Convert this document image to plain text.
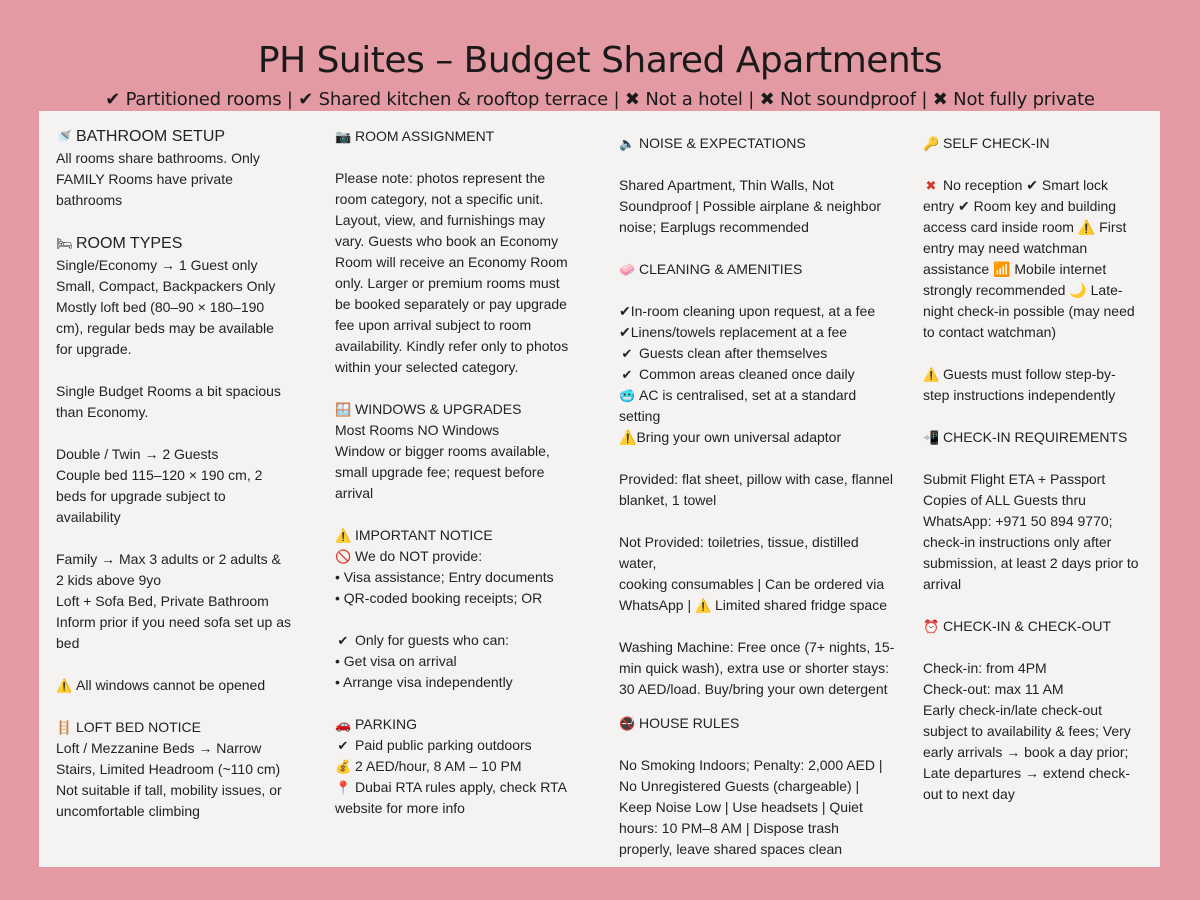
PH Suites – Budget Shared Apartments
✔ Partitioned rooms | ✔ Shared kitchen & rooftop terrace | ✖ Not a hotel | ✖ Not soundproof | ✖ Not fully private

🚿 BATHROOM SETUP

All rooms share bathrooms. Only

FAMILY Rooms have private

bathrooms

🛏 ROOM TYPES

Single/Economy → 1 Guest only

Small, Compact, Backpackers Only

Mostly loft bed (80–90 × 180–190

cm), regular beds may be available

for upgrade.

Single Budget Rooms a bit spacious

than Economy.

Double / Twin → 2 Guests

Couple bed 115–120 × 190 cm, 2

beds for upgrade subject to

availability

Family → Max 3 adults or 2 adults &

2 kids above 9yo

Loft + Sofa Bed, Private Bathroom

Inform prior if you need sofa set up as

bed

⚠️ All windows cannot be opened

🪜 LOFT BED NOTICE

Loft / Mezzanine Beds → Narrow

Stairs, Limited Headroom (~110 cm)

Not suitable if tall, mobility issues, or

uncomfortable climbing

📷 ROOM ASSIGNMENT

Please note: photos represent the

room category, not a specific unit.

Layout, view, and furnishings may

vary. Guests who book an Economy

Room will receive an Economy Room

only. Larger or premium rooms must

be booked separately or pay upgrade

fee upon arrival subject to room

availability. Kindly refer only to photos

within your selected category.

🪟 WINDOWS & UPGRADES

Most Rooms NO Windows

Window or bigger rooms available,

small upgrade fee; request before

arrival

⚠️ IMPORTANT NOTICE

🚫 We do NOT provide:

• Visa assistance; Entry documents

• QR-coded booking receipts; OR

✔ Only for guests who can:

• Get visa on arrival

• Arrange visa independently

🚗 PARKING

✔ Paid public parking outdoors

💰 2 AED/hour, 8 AM – 10 PM

📍 Dubai RTA rules apply, check RTA

website for more info

🔈 NOISE & EXPECTATIONS

Shared Apartment, Thin Walls, Not

Soundproof | Possible airplane & neighbor

noise; Earplugs recommended

🧼 CLEANING & AMENITIES

✔In-room cleaning upon request, at a fee

✔Linens/towels replacement at a fee

✔ Guests clean after themselves

✔ Common areas cleaned once daily

🥶 AC is centralised, set at a standard

setting

⚠️Bring your own universal adaptor

Provided: flat sheet, pillow with case, flannel

blanket, 1 towel

Not Provided: toiletries, tissue, distilled water,

cooking consumables | Can be ordered via

WhatsApp | ⚠️ Limited shared fridge space

Washing Machine: Free once (7+ nights, 15-

min quick wash), extra use or shorter stays:

30 AED/load. Buy/bring your own detergent

🚭 HOUSE RULES

No Smoking Indoors; Penalty: 2,000 AED |

No Unregistered Guests (chargeable) |

Keep Noise Low | Use headsets | Quiet

hours: 10 PM–8 AM | Dispose trash

properly, leave shared spaces clean

🔑 SELF CHECK-IN

✖ No reception ✔ Smart lock

entry ✔ Room key and building

access card inside room ⚠️ First

entry may need watchman

assistance 📶 Mobile internet

strongly recommended 🌙 Late-

night check-in possible (may need

to contact watchman)

⚠️ Guests must follow step-by-

step instructions independently

📲 CHECK-IN REQUIREMENTS

Submit Flight ETA + Passport

Copies of ALL Guests thru

WhatsApp: +971 50 894 9770;

check-in instructions only after

submission, at least 2 days prior to

arrival

⏰ CHECK-IN & CHECK-OUT

Check-in: from 4PM

Check-out: max 11 AM

Early check-in/late check-out

subject to availability & fees; Very

early arrivals → book a day prior;

Late departures → extend check-

out to next day
